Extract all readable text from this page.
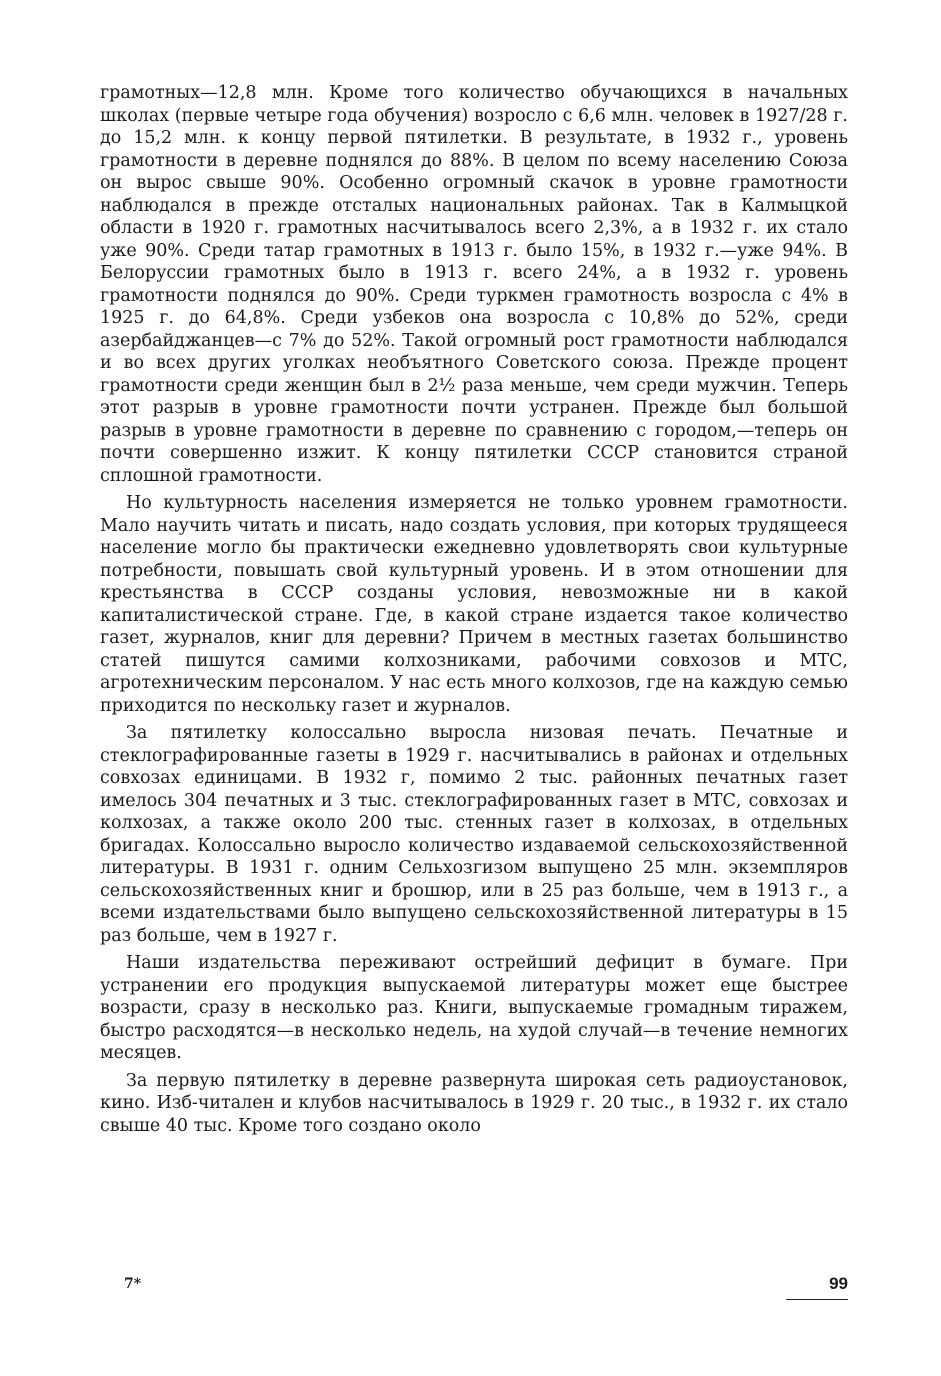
грамотных—12,8 млн. Кроме того количество обучающихся в начальных школах (первые четыре года обучения) возросло с 6,6 млн. человек в 1927/28 г. до 15,2 млн. к концу первой пятилетки. В результате, в 1932 г., уровень грамотности в деревне поднялся до 88%. В целом по всему населению Союза он вырос свыше 90%. Особенно огромный скачок в уровне грамотности наблюдался в прежде отсталых национальных районах. Так в Калмыцкой области в 1920 г. грамотных насчитывалось всего 2,3%, а в 1932 г. их стало уже 90%. Среди татар грамотных в 1913 г. было 15%, в 1932 г.—уже 94%. В Белоруссии грамотных было в 1913 г. всего 24%, а в 1932 г. уровень грамотности поднялся до 90%. Среди туркмен грамотность возросла с 4% в 1925 г. до 64,8%. Среди узбеков она возросла с 10,8% до 52%, среди азербайджанцев—с 7% до 52%. Такой огромный рост грамотности наблюдался и во всех других уголках необъятного Советского союза. Прежде процент грамотности среди женщин был в 2½ раза меньше, чем среди мужчин. Теперь этот разрыв в уровне грамотности почти устранен. Прежде был большой разрыв в уровне грамотности в деревне по сравнению с городом,—теперь он почти совершенно изжит. К концу пятилетки СССР становится страной сплошной грамотности.

Но культурность населения измеряется не только уровнем грамотности. Мало научить читать и писать, надо создать условия, при которых трудящееся население могло бы практически ежедневно удовлетворять свои культурные потребности, повышать свой культурный уровень. И в этом отношении для крестьянства в СССР созданы условия, невозможные ни в какой капиталистической стране. Где, в какой стране издается такое количество газет, журналов, книг для деревни? Причем в местных газетах большинство статей пишутся самими колхозниками, рабочими совхозов и МТС, агротехническим персоналом. У нас есть много колхозов, где на каждую семью приходится по нескольку газет и журналов.

За пятилетку колоссально выросла низовая печать. Печатные и стеклографированные газеты в 1929 г. насчитывались в районах и отдельных совхозах единицами. В 1932 г, помимо 2 тыс. районных печатных газет имелось 304 печатных и 3 тыс. стеклографированных газет в МТС, совхозах и колхозах, а также около 200 тыс. стенных газет в колхозах, в отдельных бригадах. Колоссально выросло количество издаваемой сельскохозяйственной литературы. В 1931 г. одним Сельхозгизом выпущено 25 млн. экземпляров сельскохозяйственных книг и брошюр, или в 25 раз больше, чем в 1913 г., а всеми издательствами было выпущено сельскохозяйственной литературы в 15 раз больше, чем в 1927 г.

Наши издательства переживают острейший дефицит в бумаге. При устранении его продукция выпускаемой литературы может еще быстрее возрасти, сразу в несколько раз. Книги, выпускаемые громадным тиражем, быстро расходятся—в несколько недель, на худой случай—в течение немногих месяцев.

За первую пятилетку в деревне развернута широкая сеть радиоустановок, кино. Изб-читален и клубов насчитывалось в 1929 г. 20 тыс., в 1932 г. их стало свыше 40 тыс. Кроме того создано около

7*	99
